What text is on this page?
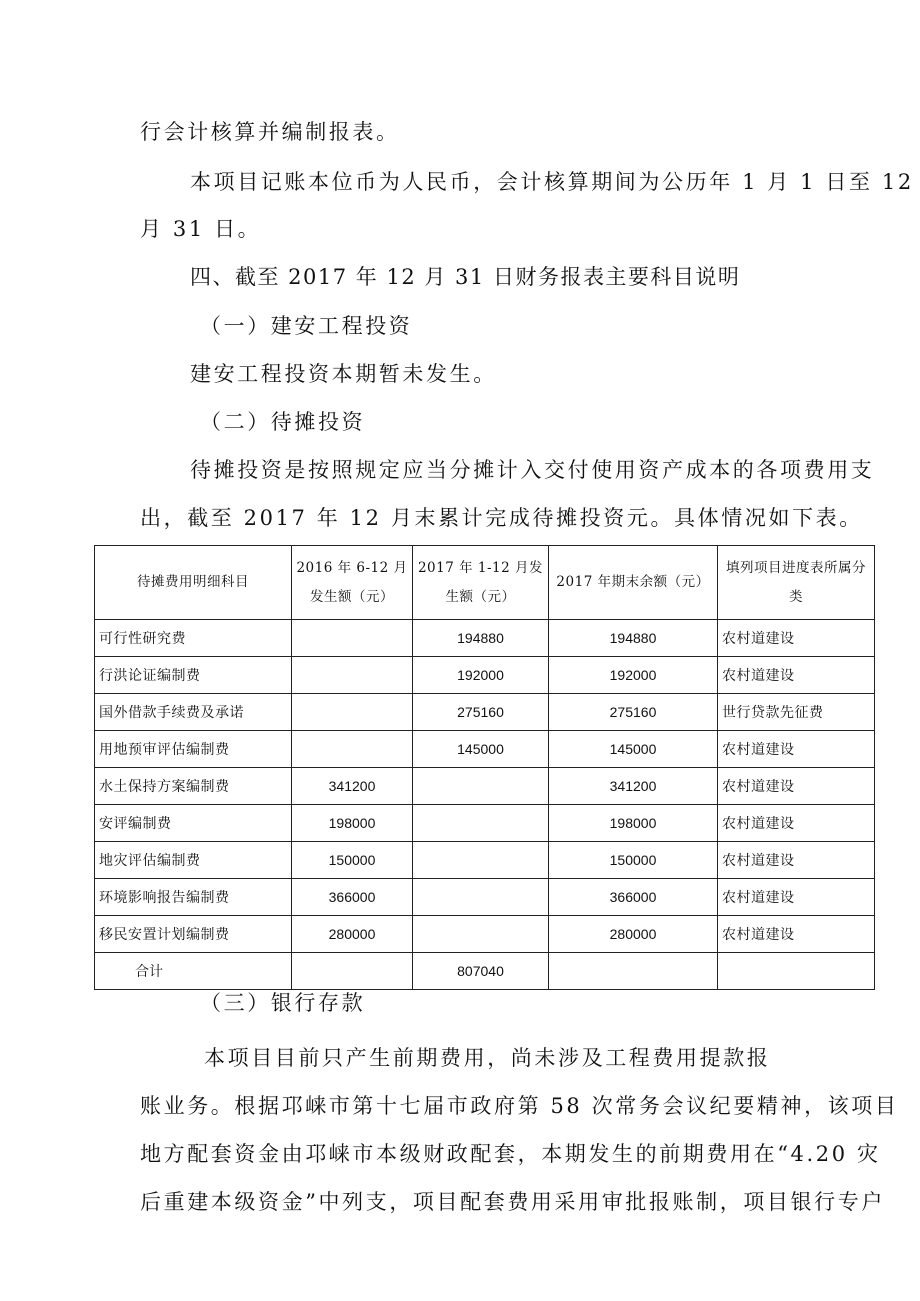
行会计核算并编制报表。

本项目记账本位币为人民币，会计核算期间为公历年 1 月 1 日至 12

月 31 日。

四、截至 2017 年 12 月 31 日财务报表主要科目说明

（一）建安工程投资

建安工程投资本期暂未发生。

（二）待摊投资

待摊投资是按照规定应当分摊计入交付使用资产成本的各项费用支

出，截至 2017 年 12 月末累计完成待摊投资元。具体情况如下表。

待摊费用明细科目	2016 年 6-12 月发生额（元）	2017 年 1-12 月发生额（元）	2017 年期末余额（元）	填列项目进度表所属分类
可行性研究费		194880	194880	农村道建设
行洪论证编制费		192000	192000	农村道建设
国外借款手续费及承诺		275160	275160	世行贷款先征费
用地预审评估编制费		145000	145000	农村道建设
水土保持方案编制费	341200		341200	农村道建设
安评编制费	198000		198000	农村道建设
地灾评估编制费	150000		150000	农村道建设
环境影响报告编制费	366000		366000	农村道建设
移民安置计划编制费	280000		280000	农村道建设
合计		807040		

（三）银行存款

本项目目前只产生前期费用，尚未涉及工程费用提款报

账业务。根据邛崃市第十七届市政府第 58 次常务会议纪要精神，该项目

地方配套资金由邛崃市本级财政配套，本期发生的前期费用在“4.20 灾

后重建本级资金”中列支，项目配套费用采用审批报账制，项目银行专户
